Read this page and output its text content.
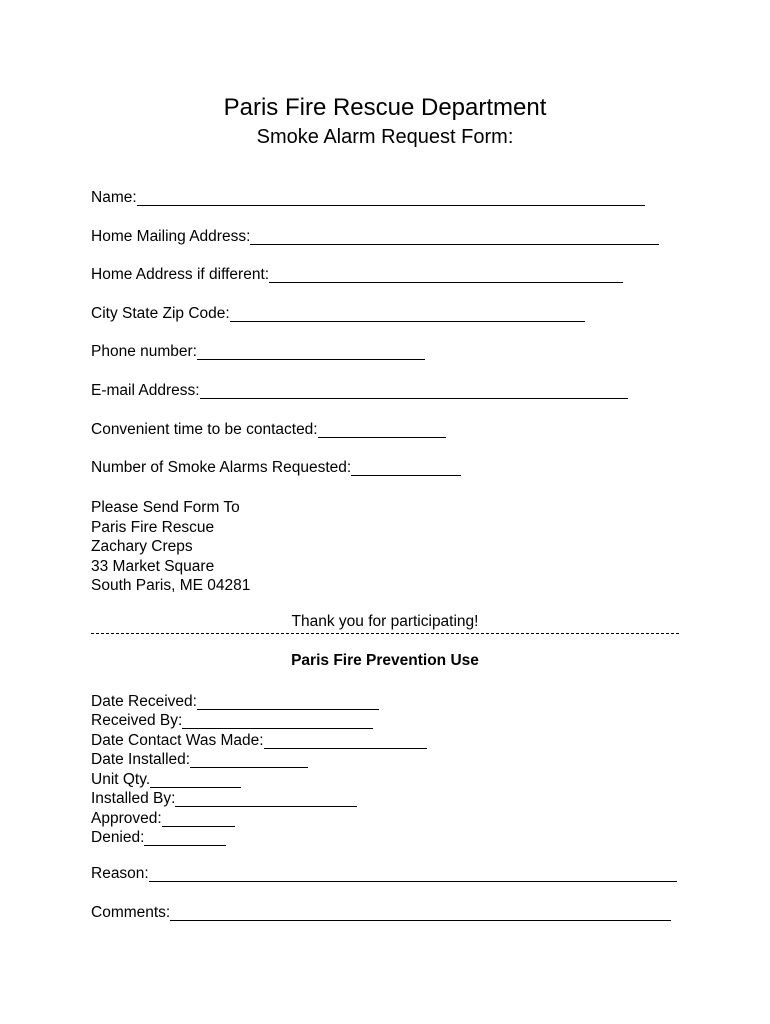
Paris Fire Rescue Department
Smoke Alarm Request Form:
Name:
Home Mailing Address:
Home Address if different:
City State Zip Code:
Phone number:
E-mail Address:
Convenient time to be contacted:
Number of Smoke Alarms Requested:
Please Send Form To
Paris Fire Rescue
Zachary Creps
33 Market Square
South Paris, ME 04281
Thank you for participating!
Paris Fire Prevention Use
Date Received:
Received By:
Date Contact Was Made:
Date Installed:
Unit Qty.
Installed By:
Approved:
Denied:
Reason:
Comments:
